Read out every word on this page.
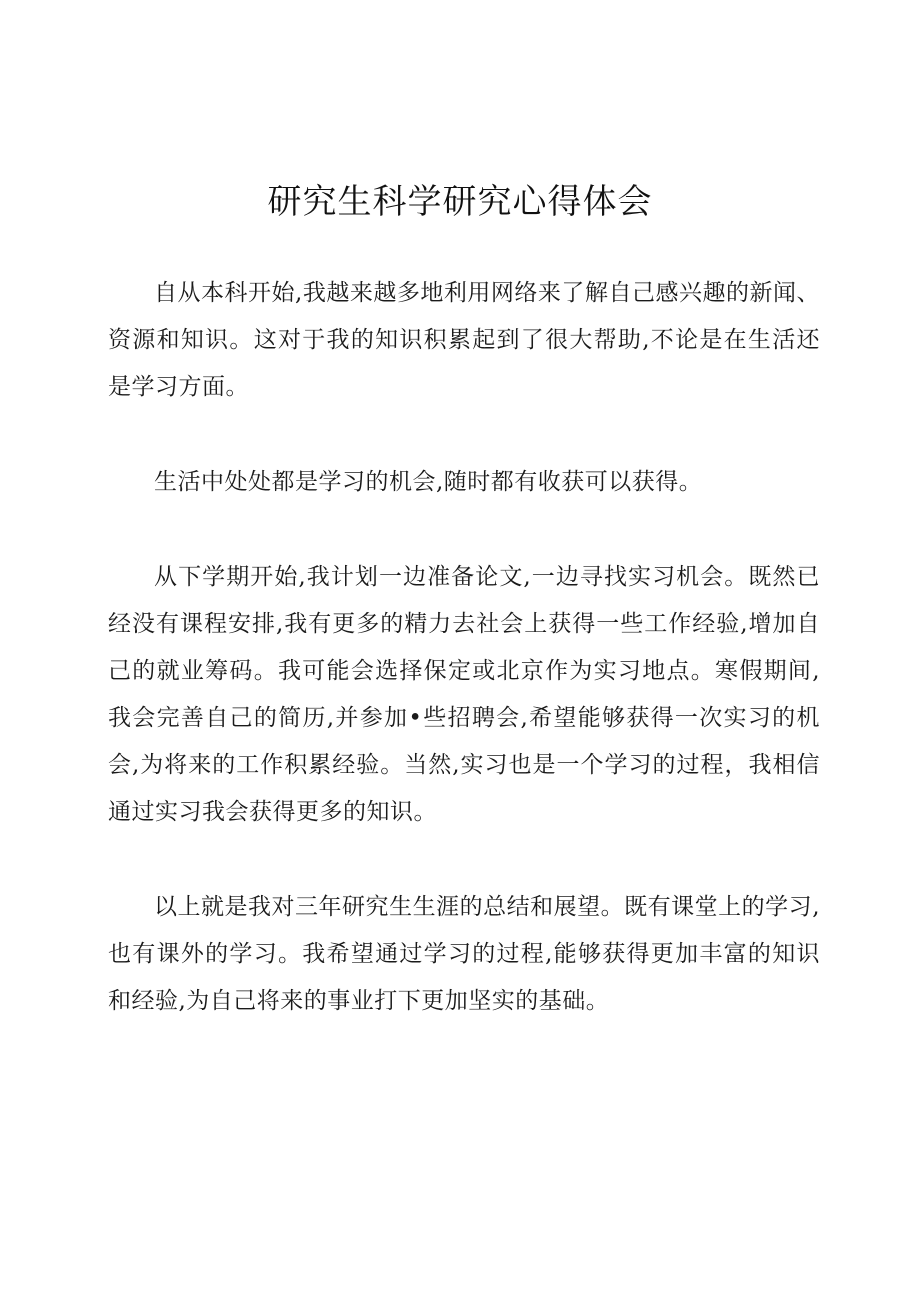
研究生科学研究心得体会

自从本科开始,我越来越多地利用网络来了解自己感兴趣的新闻、资源和知识。这对于我的知识积累起到了很大帮助,不论是在生活还是学习方面。

生活中处处都是学习的机会,随时都有收获可以获得。

从下学期开始,我计划一边准备论文,一边寻找实习机会。既然已经没有课程安排,我有更多的精力去社会上获得一些工作经验,增加自己的就业筹码。我可能会选择保定或北京作为实习地点。寒假期间,我会完善自己的简历,并参加•些招聘会,希望能够获得一次实习的机会,为将来的工作积累经验。当然,实习也是一个学习的过程，我相信通过实习我会获得更多的知识。

以上就是我对三年研究生生涯的总结和展望。既有课堂上的学习,也有课外的学习。我希望通过学习的过程,能够获得更加丰富的知识和经验,为自己将来的事业打下更加坚实的基础。
